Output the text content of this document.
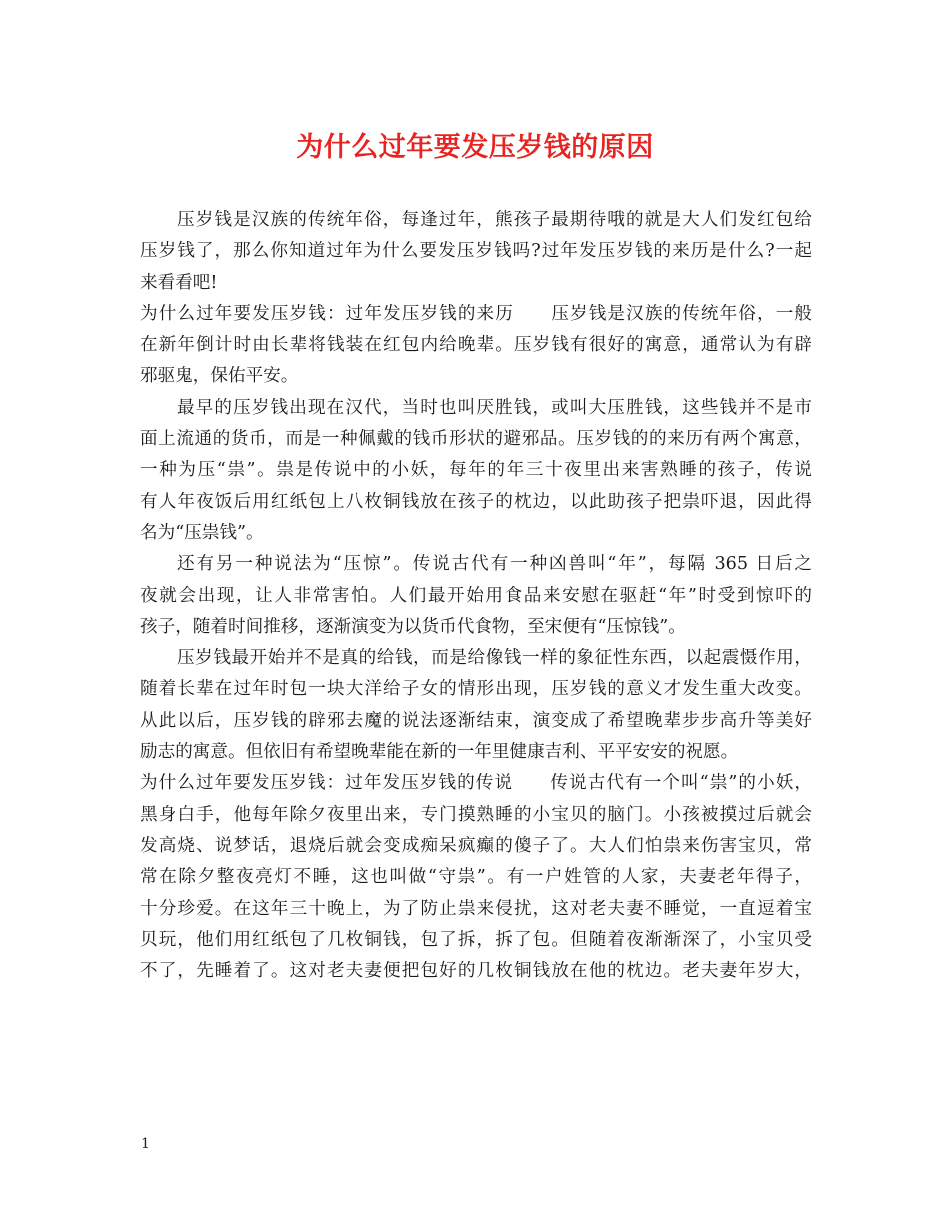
为什么过年要发压岁钱的原因
压岁钱是汉族的传统年俗，每逢过年，熊孩子最期待哦的就是大人们发红包给
压岁钱了，那么你知道过年为什么要发压岁钱吗?过年发压岁钱的来历是什么?一起
来看看吧!
为什么过年要发压岁钱：过年发压岁钱的来历　　压岁钱是汉族的传统年俗，一般
在新年倒计时由长辈将钱装在红包内给晚辈。压岁钱有很好的寓意，通常认为有辟
邪驱鬼，保佑平安。
最早的压岁钱出现在汉代，当时也叫厌胜钱，或叫大压胜钱，这些钱并不是市
面上流通的货币，而是一种佩戴的钱币形状的避邪品。压岁钱的的来历有两个寓意，
一种为压“祟”。祟是传说中的小妖，每年的年三十夜里出来害熟睡的孩子，传说
有人年夜饭后用红纸包上八枚铜钱放在孩子的枕边，以此助孩子把祟吓退，因此得
名为“压祟钱”。
还有另一种说法为“压惊”。传说古代有一种凶兽叫“年”，每隔 365 日后之
夜就会出现，让人非常害怕。人们最开始用食品来安慰在驱赶“年”时受到惊吓的
孩子，随着时间推移，逐渐演变为以货币代食物，至宋便有“压惊钱”。
压岁钱最开始并不是真的给钱，而是给像钱一样的象征性东西，以起震慑作用，
随着长辈在过年时包一块大洋给子女的情形出现，压岁钱的意义才发生重大改变。
从此以后，压岁钱的辟邪去魔的说法逐渐结束，演变成了希望晚辈步步高升等美好
励志的寓意。但依旧有希望晚辈能在新的一年里健康吉利、平平安安的祝愿。
为什么过年要发压岁钱：过年发压岁钱的传说　　传说古代有一个叫“祟”的小妖，
黑身白手，他每年除夕夜里出来，专门摸熟睡的小宝贝的脑门。小孩被摸过后就会
发高烧、说梦话，退烧后就会变成痴呆疯癫的傻子了。大人们怕祟来伤害宝贝，常
常在除夕整夜亮灯不睡，这也叫做“守祟”。有一户姓管的人家，夫妻老年得子，
十分珍爱。在这年三十晚上，为了防止祟来侵扰，这对老夫妻不睡觉，一直逗着宝
贝玩，他们用红纸包了几枚铜钱，包了拆，拆了包。但随着夜渐渐深了，小宝贝受
不了，先睡着了。这对老夫妻便把包好的几枚铜钱放在他的枕边。老夫妻年岁大，
1
